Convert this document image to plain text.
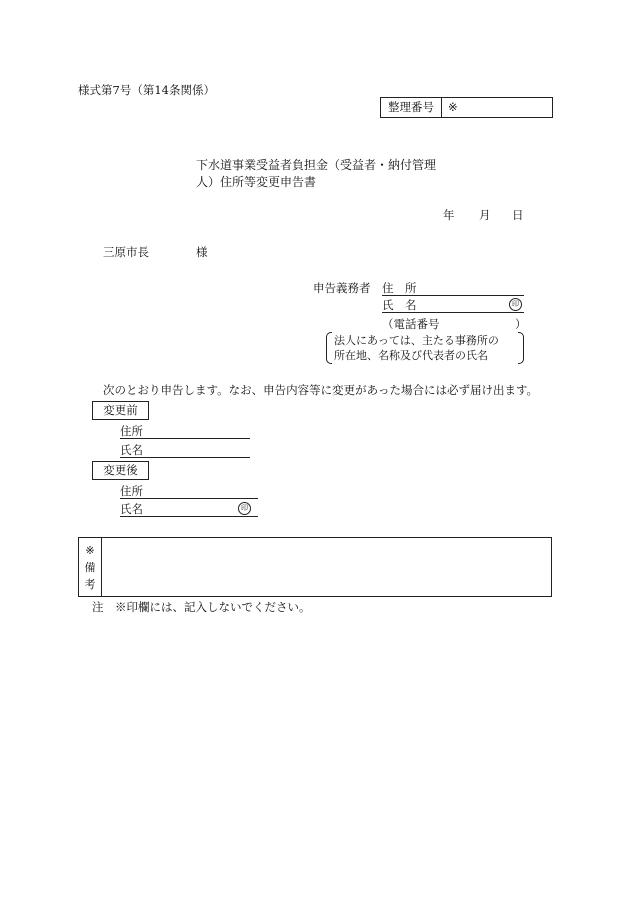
様式第7号（第14条関係）
整理番号	※
下水道事業受益者負担金（受益者・納付管理
人）住所等変更申告書
年 月 日
三原市長	様
申告義務者 住　所
氏　名	印
（電話番号	）
法人にあっては、主たる事務所の
所在地、名称及び代表者の氏名
次のとおり申告します。なお、申告内容等に変更があった場合には必ず届け出ます。
変更前
住所
氏名
変更後
住所
氏名	印
※
備
考
注　※印欄には、記入しないでください。
